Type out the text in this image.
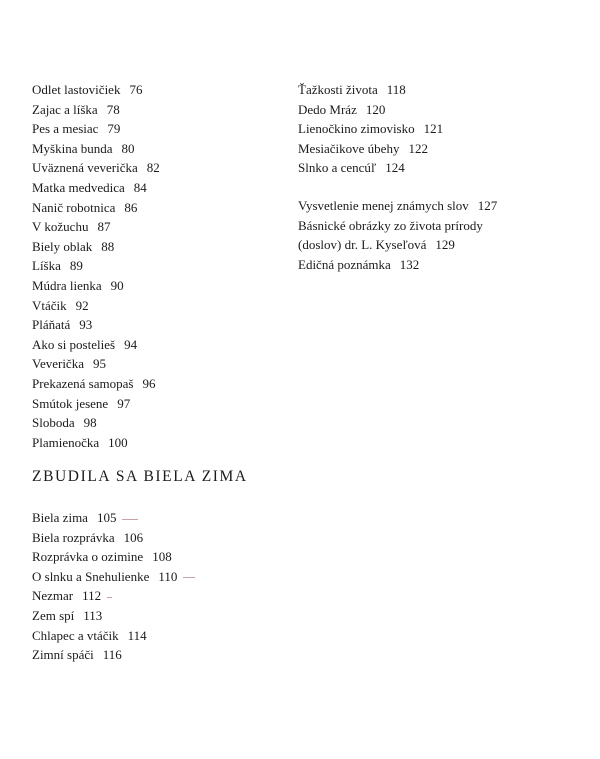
Odlet lastovičiek 76
Zajac a líška 78
Pes a mesiac 79
Myškina bunda 80
Uväznená veverička 82
Matka medvedica 84
Nanič robotnica 86
V kožuchu 87
Biely oblak 88
Líška 89
Múdra lienka 90
Vtáčik 92
Pláňatá 93
Ako si postelieš 94
Veverička 95
Prekazená samopaš 96
Smútok jesene 97
Sloboda 98
Plamienočka 100
ZBUDILA SA BIELA ZIMA
Biela zima 105
Biela rozprávka 106
Rozprávka o ozimine 108
O slnku a Snehulienke 110
Nezmar 112
Zem spí 113
Chlapec a vtáčik 114
Zimní spáči 116
Ťažkosti života 118
Dedo Mráz 120
Lienočkino zimovisko 121
Mesiačikove úbehy 122
Slnko a cencúľ 124
Vysvetlenie menej známych slov 127
Básnické obrázky zo života prírody
(doslov) dr. L. Kyseľová 129
Edičná poznámka 132
